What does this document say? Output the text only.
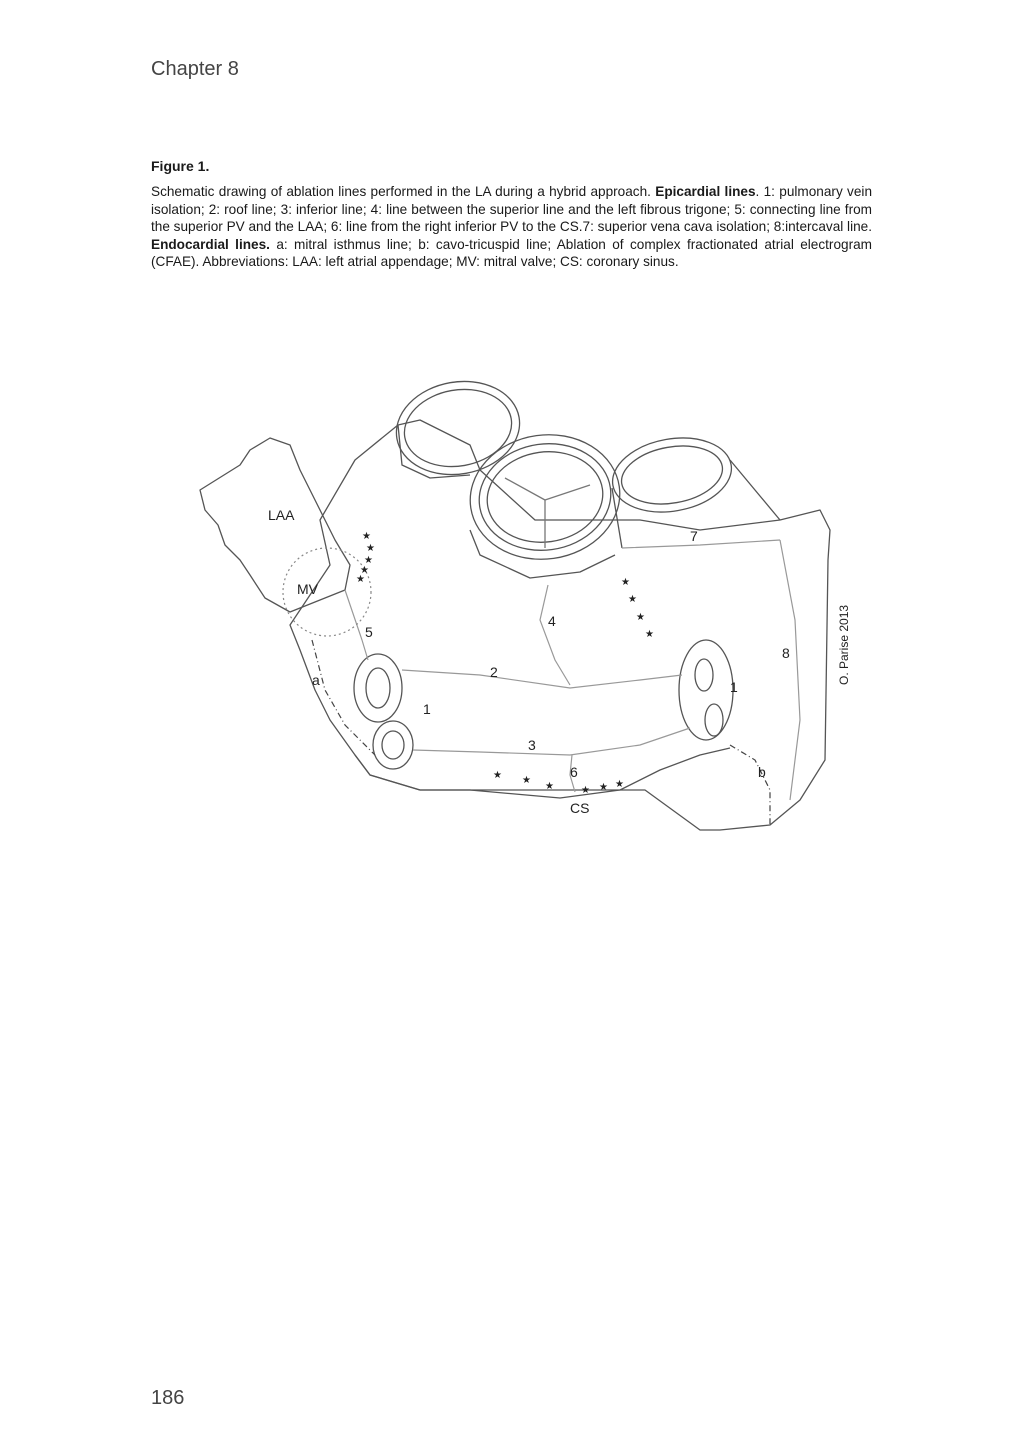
Chapter 8
Figure 1.
Schematic drawing of ablation lines performed in the LA during a hybrid approach. Epicardial lines. 1: pulmonary vein isolation; 2: roof line; 3: inferior line; 4: line between the superior line and the left fibrous trigone; 5: connecting line from the superior PV and the LAA; 6: line from the right inferior PV to the CS.7: superior vena cava isolation; 8:intercaval line. Endocardial lines. a: mitral isthmus line; b: cavo-tricuspid line; Ablation of complex fractionated atrial electrogram (CFAE). Abbreviations: LAA: left atrial appendage; MV: mitral valve; CS: coronary sinus.
★
★
★
★
★	★
★
★
★
★ ★
★	★ ★ ★
LAA
MV
5
a
1
2
3
4
6
CS
7
8
1
b
O. Parise 2013
186
